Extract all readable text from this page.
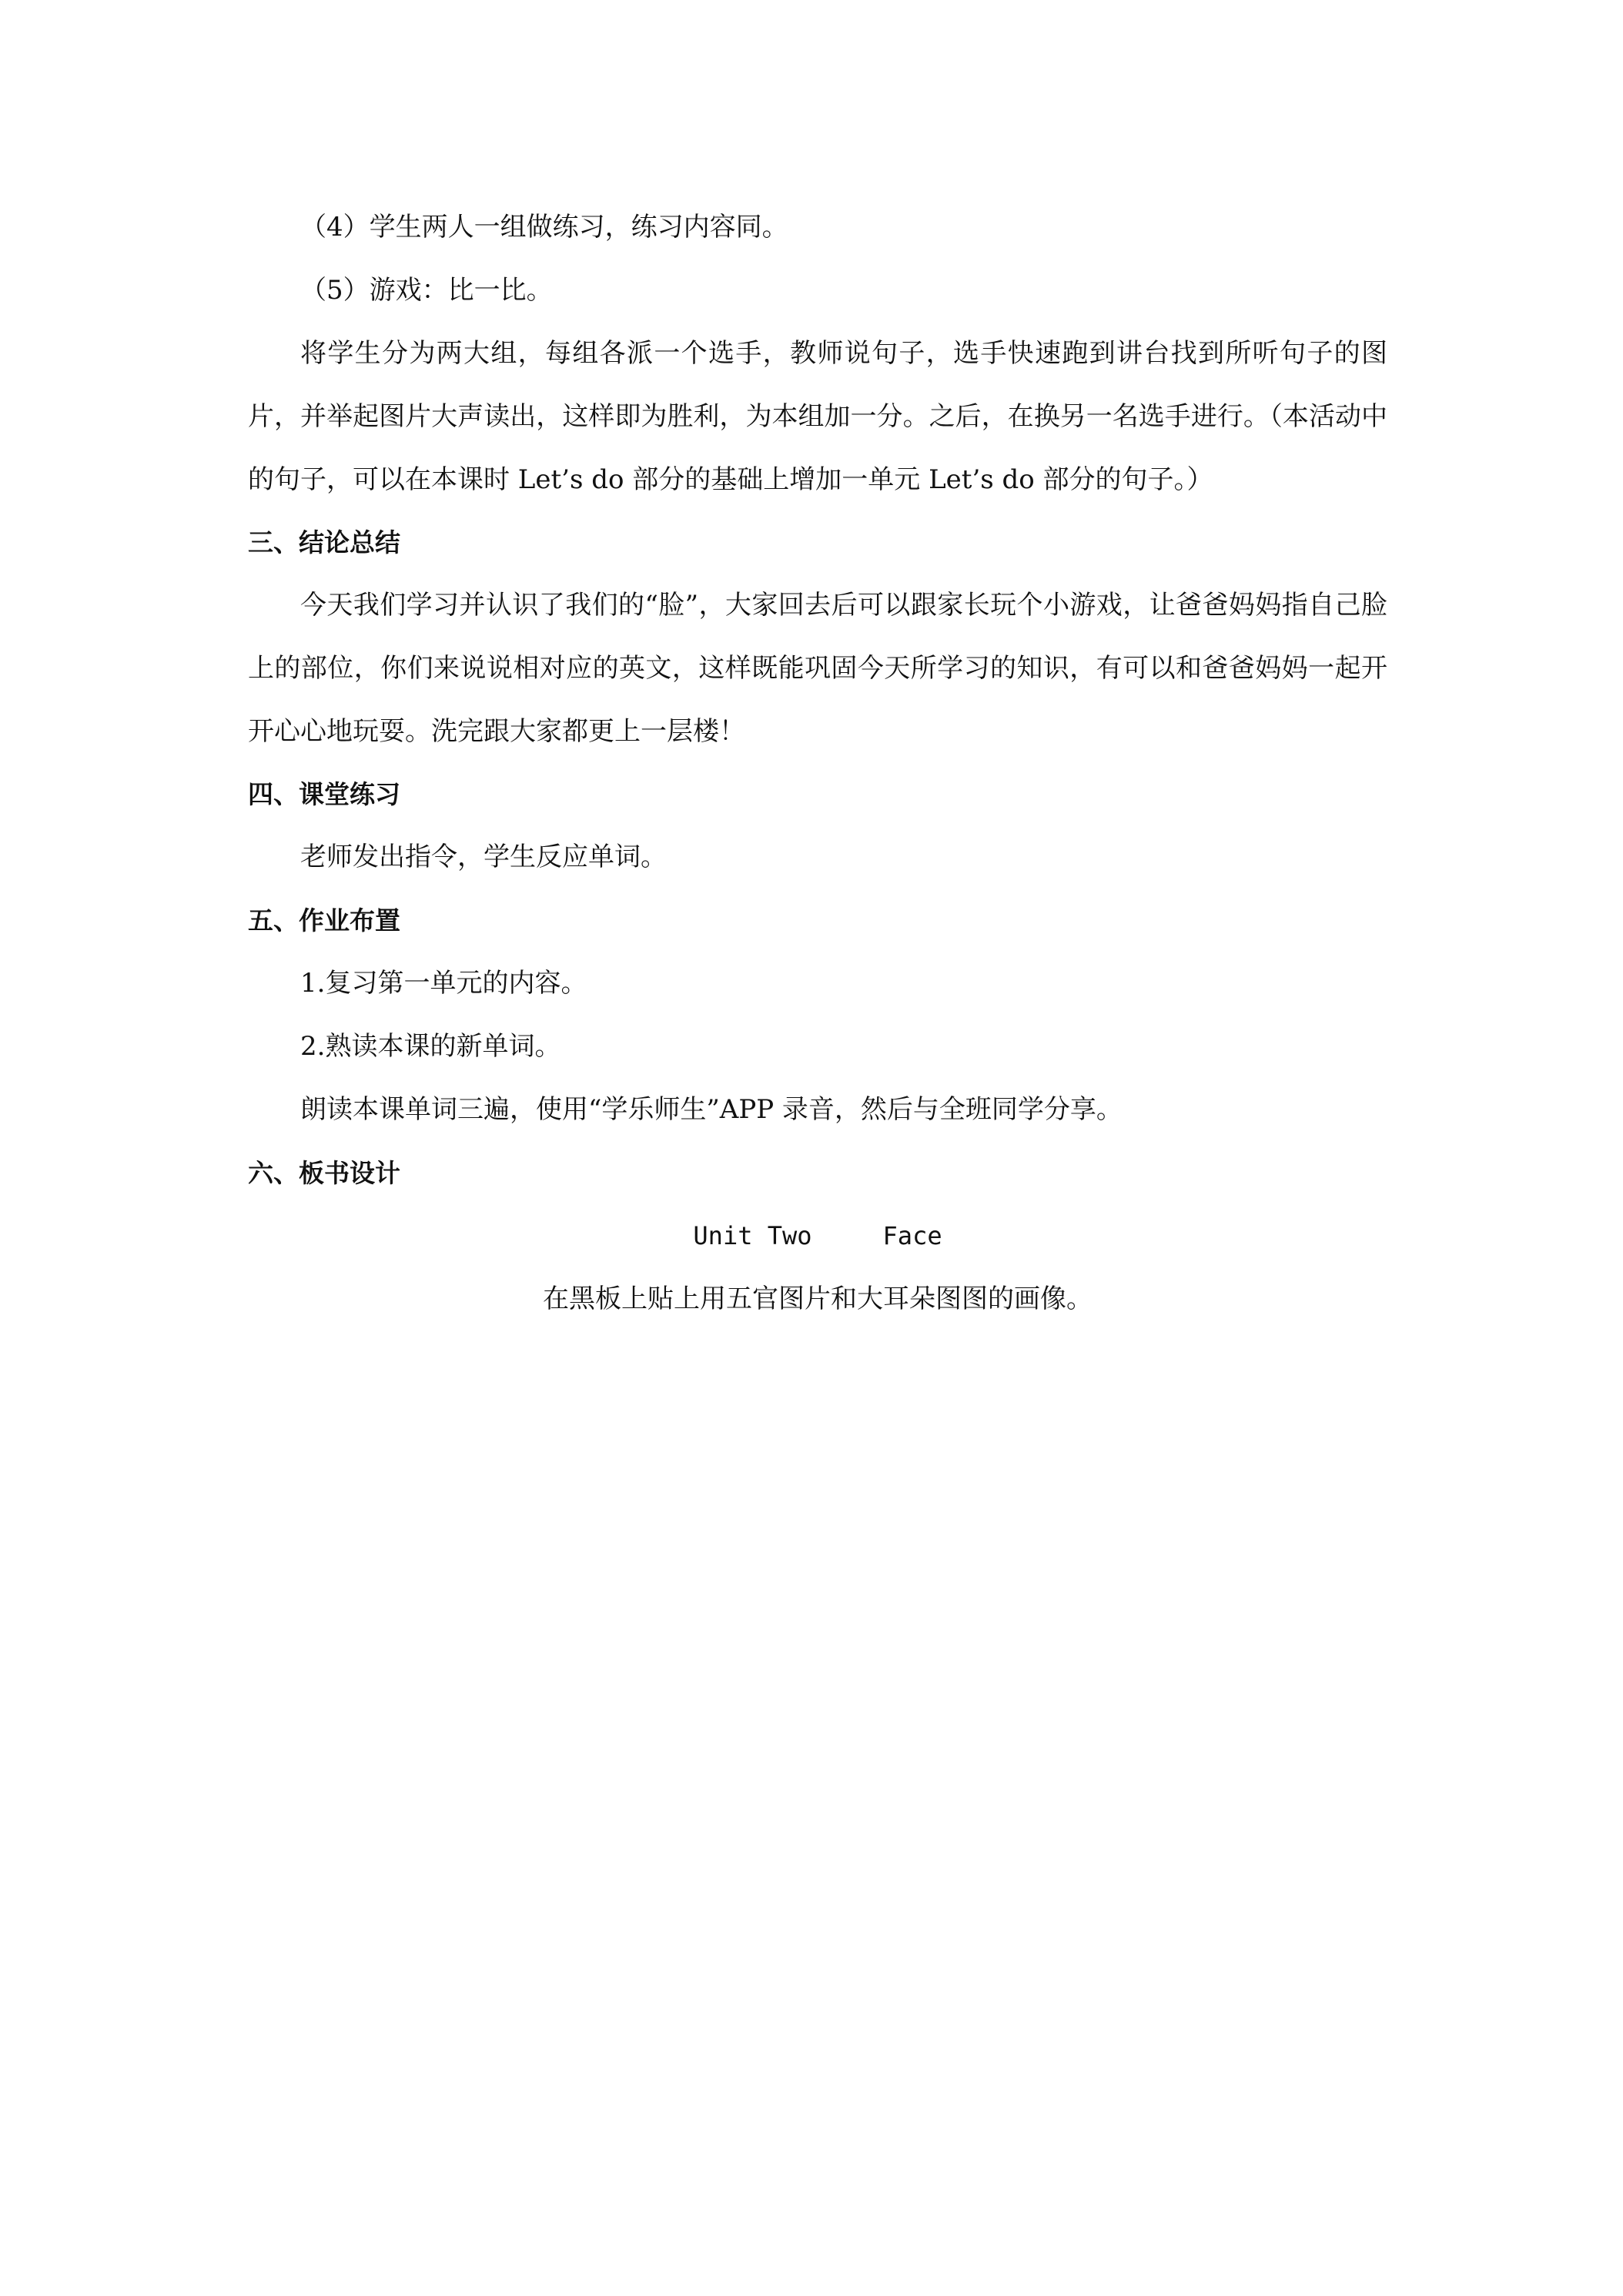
（4）学生两人一组做练习，练习内容同。

（5）游戏：比一比。

将学生分为两大组，每组各派一个选手，教师说句子，选手快速跑到讲台找到所听句子的图片，并举起图片大声读出，这样即为胜利，为本组加一分。之后，在换另一名选手进行。（本活动中的句子，可以在本课时 Let’s do 部分的基础上增加一单元 Let’s do 部分的句子。）

三、结论总结

今天我们学习并认识了我们的“脸”，大家回去后可以跟家长玩个小游戏，让爸爸妈妈指自己脸上的部位，你们来说说相对应的英文，这样既能巩固今天所学习的知识，有可以和爸爸妈妈一起开开心心地玩耍。洗完跟大家都更上一层楼！

四、课堂练习

老师发出指令，学生反应单词。

五、作业布置

1.复习第一单元的内容。

2.熟读本课的新单词。

朗读本课单词三遍，使用“学乐师生”APP 录音，然后与全班同学分享。

六、板书设计
Unit Two	Face
在黑板上贴上用五官图片和大耳朵图图的画像。
